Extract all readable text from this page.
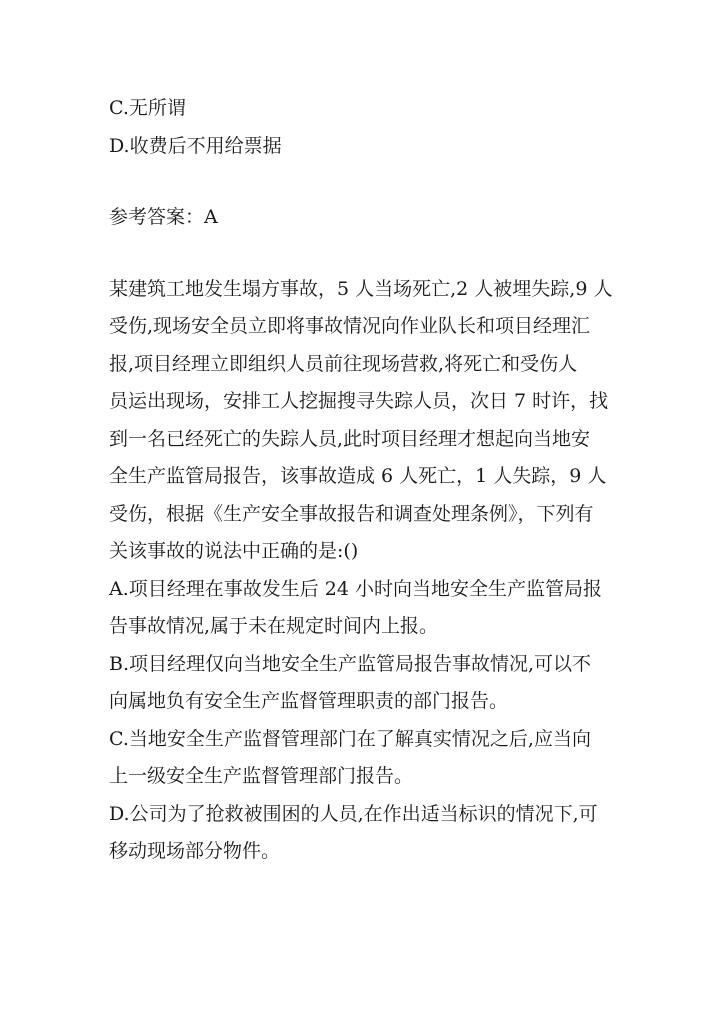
C.无所谓

D.收费后不用给票据

参考答案：A

某建筑工地发生塌方事故，5 人当场死亡,2 人被埋失踪,9 人

受伤,现场安全员立即将事故情况向作业队长和项目经理汇

报,项目经理立即组织人员前往现场营救,将死亡和受伤人

员运出现场，安排工人挖掘搜寻失踪人员，次日 7 时许，找

到一名已经死亡的失踪人员,此时项目经理才想起向当地安

全生产监管局报告，该事故造成 6 人死亡，1 人失踪，9 人

受伤，根据《生产安全事故报告和调查处理条例》，下列有

关该事故的说法中正确的是:()

A.项目经理在事故发生后 24 小时向当地安全生产监管局报

告事故情况,属于未在规定时间内上报。

B.项目经理仅向当地安全生产监管局报告事故情况,可以不

向属地负有安全生产监督管理职责的部门报告。

C.当地安全生产监督管理部门在了解真实情况之后,应当向

上一级安全生产监督管理部门报告。

D.公司为了抢救被围困的人员,在作出适当标识的情况下,可

移动现场部分物件。
